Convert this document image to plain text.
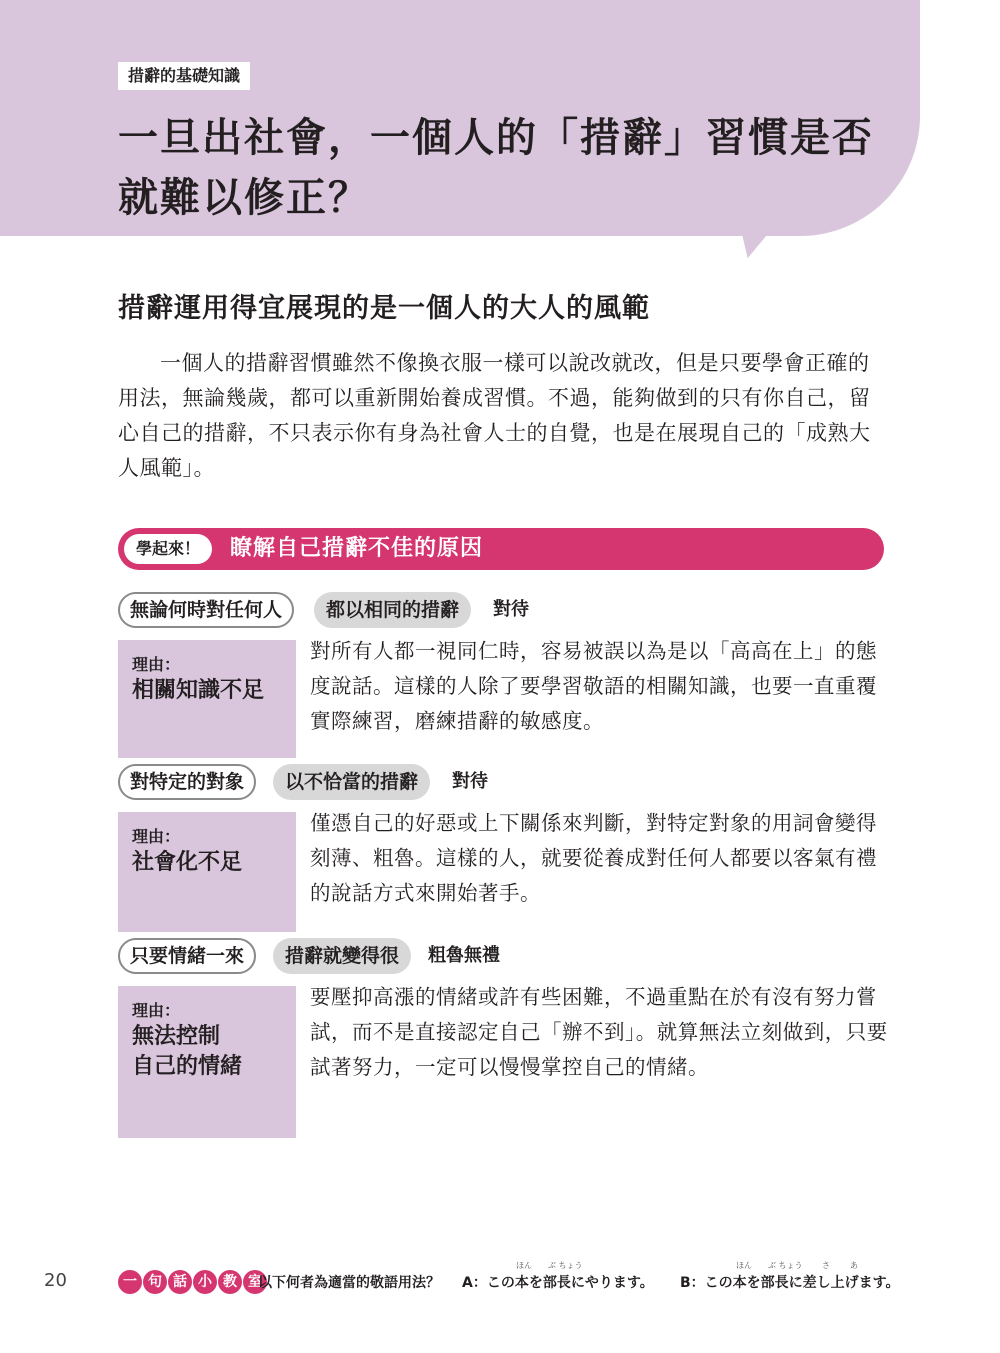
措辭的基礎知識
一旦出社會，一個人的「措辭」習慣是否就難以修正？
措辭運用得宜展現的是一個人的大人的風範

一個人的措辭習慣雖然不像換衣服一樣可以說改就改，但是只要學會正確的用法，無論幾歲，都可以重新開始養成習慣。不過，能夠做到的只有你自己，留心自己的措辭，不只表示你有身為社會人士的自覺，也是在展現自己的「成熟大人風範」。

學起來！	瞭解自己措辭不佳的原因
無論何時對任何人	都以相同的措辭	對待
理由：
相關知識不足

對所有人都一視同仁時，容易被誤以為是以「高高在上」的態度說話。這樣的人除了要學習敬語的相關知識，也要一直重覆實際練習，磨練措辭的敏感度。

對特定的對象	以不恰當的措辭	對待
理由：
社會化不足

僅憑自己的好惡或上下關係來判斷，對特定對象的用詞會變得刻薄、粗魯。這樣的人，就要從養成對任何人都要以客氣有禮的說話方式來開始著手。

只要情緒一來	措辭就變得很	粗魯無禮
理由：
無法控制
自己的情緒

要壓抑高漲的情緒或許有些困難，不過重點在於有沒有努力嘗試，而不是直接認定自己「辦不到」。就算無法立刻做到，只要試著努力，一定可以慢慢掌控自己的情緒。

20	一 句 話 小 教 室
以下何者為適當的敬語用法？
ほん ぶ ちょう
A：この本を部長にやります。
ほん ぶ ちょう さ	あ
B：この本を部長に差し上げます。
